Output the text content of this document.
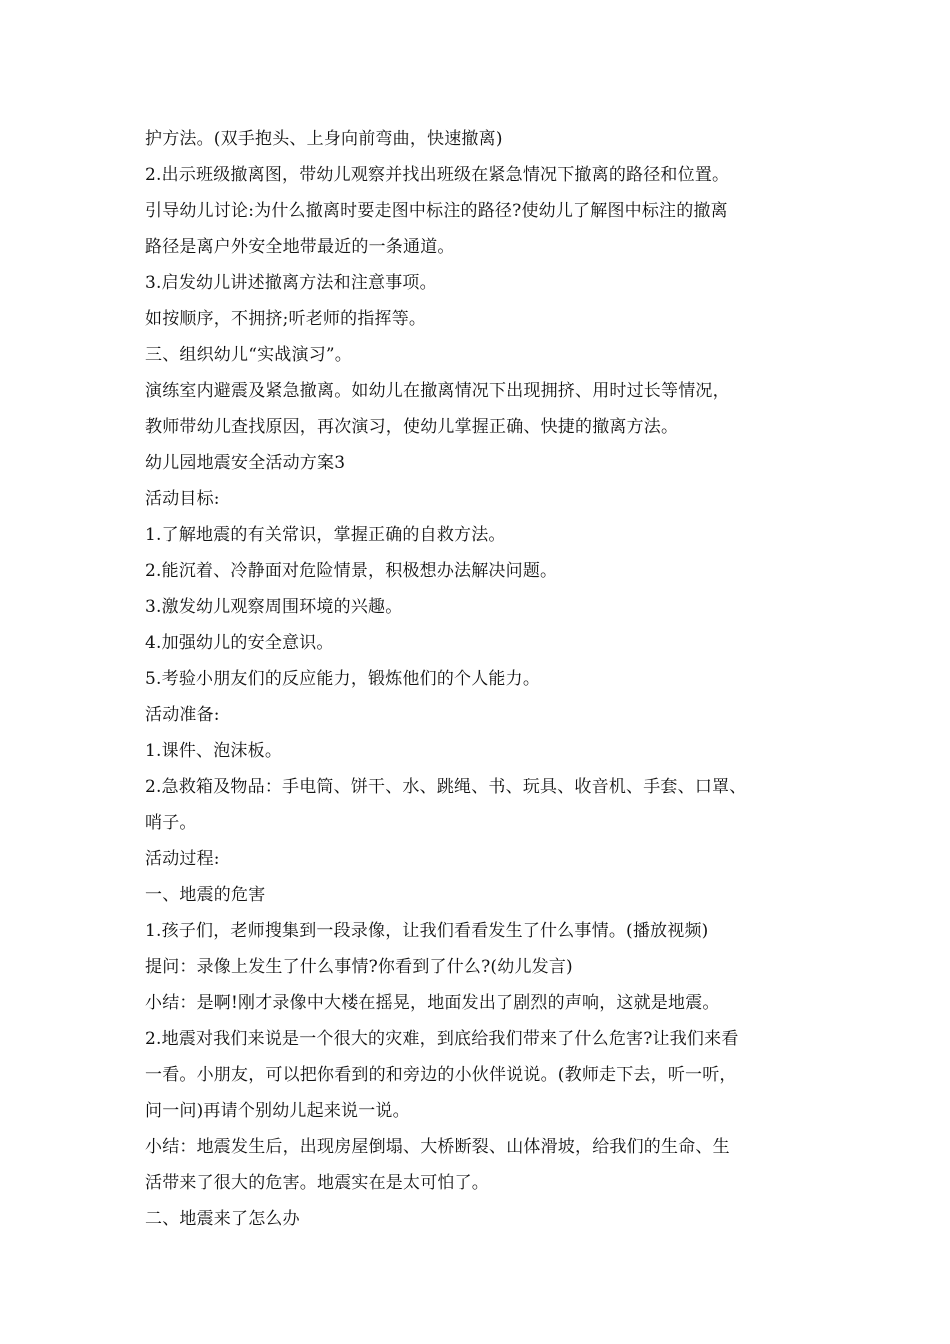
护方法。(双手抱头、上身向前弯曲，快速撤离)
2.出示班级撤离图，带幼儿观察并找出班级在紧急情况下撤离的路径和位置。
引导幼儿讨论:为什么撤离时要走图中标注的路径?使幼儿了解图中标注的撤离
路径是离户外安全地带最近的一条通道。
3.启发幼儿讲述撤离方法和注意事项。
如按顺序，不拥挤;听老师的指挥等。
三、组织幼儿“实战演习”。
演练室内避震及紧急撤离。如幼儿在撤离情况下出现拥挤、用时过长等情况，
教师带幼儿查找原因，再次演习，使幼儿掌握正确、快捷的撤离方法。
幼儿园地震安全活动方案3
活动目标:
1.了解地震的有关常识，掌握正确的自救方法。
2.能沉着、冷静面对危险情景，积极想办法解决问题。
3.激发幼儿观察周围环境的兴趣。
4.加强幼儿的安全意识。
5.考验小朋友们的反应能力，锻炼他们的个人能力。
活动准备:
1.课件、泡沫板。
2.急救箱及物品：手电筒、饼干、水、跳绳、书、玩具、收音机、手套、口罩、
哨子。
活动过程:
一、地震的危害
1.孩子们，老师搜集到一段录像，让我们看看发生了什么事情。(播放视频)
提问：录像上发生了什么事情?你看到了什么?(幼儿发言)
小结：是啊!刚才录像中大楼在摇晃，地面发出了剧烈的声响，这就是地震。
2.地震对我们来说是一个很大的灾难，到底给我们带来了什么危害?让我们来看
一看。小朋友，可以把你看到的和旁边的小伙伴说说。(教师走下去，听一听，
问一问)再请个别幼儿起来说一说。
小结：地震发生后，出现房屋倒塌、大桥断裂、山体滑坡，给我们的生命、生
活带来了很大的危害。地震实在是太可怕了。
二、地震来了怎么办
